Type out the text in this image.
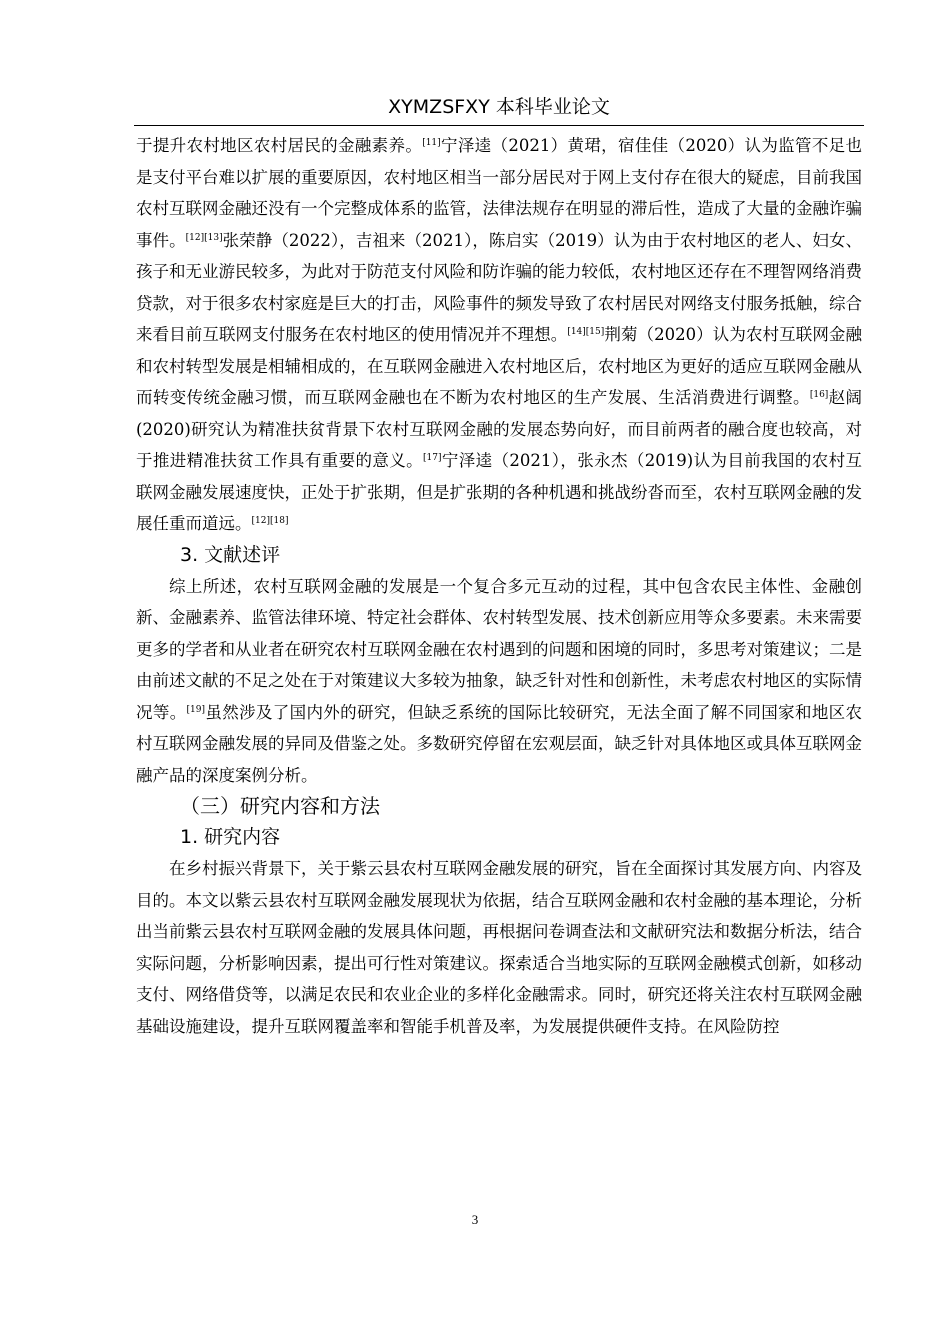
XYMZSFXY 本科毕业论文

于提升农村地区农村居民的金融素养。[11]宁泽逵（2021）黄珺，宿佳佳（2020）认为监管不足也是支付平台难以扩展的重要原因，农村地区相当一部分居民对于网上支付存在很大的疑虑，目前我国农村互联网金融还没有一个完整成体系的监管，法律法规存在明显的滞后性，造成了大量的金融诈骗事件。[12][13]张荣静（2022），吉祖来（2021），陈启实（2019）认为由于农村地区的老人、妇女、孩子和无业游民较多，为此对于防范支付风险和防诈骗的能力较低，农村地区还存在不理智网络消费贷款，对于很多农村家庭是巨大的打击，风险事件的频发导致了农村居民对网络支付服务抵触，综合来看目前互联网支付服务在农村地区的使用情况并不理想。[14][15]荆菊（2020）认为农村互联网金融和农村转型发展是相辅相成的，在互联网金融进入农村地区后，农村地区为更好的适应互联网金融从而转变传统金融习惯，而互联网金融也在不断为农村地区的生产发展、生活消费进行调整。[16]赵阔(2020)研究认为精准扶贫背景下农村互联网金融的发展态势向好，而目前两者的融合度也较高，对于推进精准扶贫工作具有重要的意义。[17]宁泽逵（2021），张永杰（2019)认为目前我国的农村互联网金融发展速度快，正处于扩张期，但是扩张期的各种机遇和挑战纷沓而至，农村互联网金融的发展任重而道远。[12][18]

3. 文献述评

综上所述，农村互联网金融的发展是一个复合多元互动的过程，其中包含农民主体性、金融创新、金融素养、监管法律环境、特定社会群体、农村转型发展、技术创新应用等众多要素。未来需要更多的学者和从业者在研究农村互联网金融在农村遇到的问题和困境的同时，多思考对策建议；二是由前述文献的不足之处在于对策建议大多较为抽象，缺乏针对性和创新性，未考虑农村地区的实际情况等。[19]虽然涉及了国内外的研究，但缺乏系统的国际比较研究，无法全面了解不同国家和地区农村互联网金融发展的异同及借鉴之处。多数研究停留在宏观层面，缺乏针对具体地区或具体互联网金融产品的深度案例分析。

（三）研究内容和方法

1. 研究内容

在乡村振兴背景下，关于紫云县农村互联网金融发展的研究，旨在全面探讨其发展方向、内容及目的。本文以紫云县农村互联网金融发展现状为依据，结合互联网金融和农村金融的基本理论，分析出当前紫云县农村互联网金融的发展具体问题，再根据问卷调查法和文献研究法和数据分析法，结合实际问题，分析影响因素，提出可行性对策建议。探索适合当地实际的互联网金融模式创新，如移动支付、网络借贷等，以满足农民和农业企业的多样化金融需求。同时，研究还将关注农村互联网金融基础设施建设，提升互联网覆盖率和智能手机普及率，为发展提供硬件支持。在风险防控

3
